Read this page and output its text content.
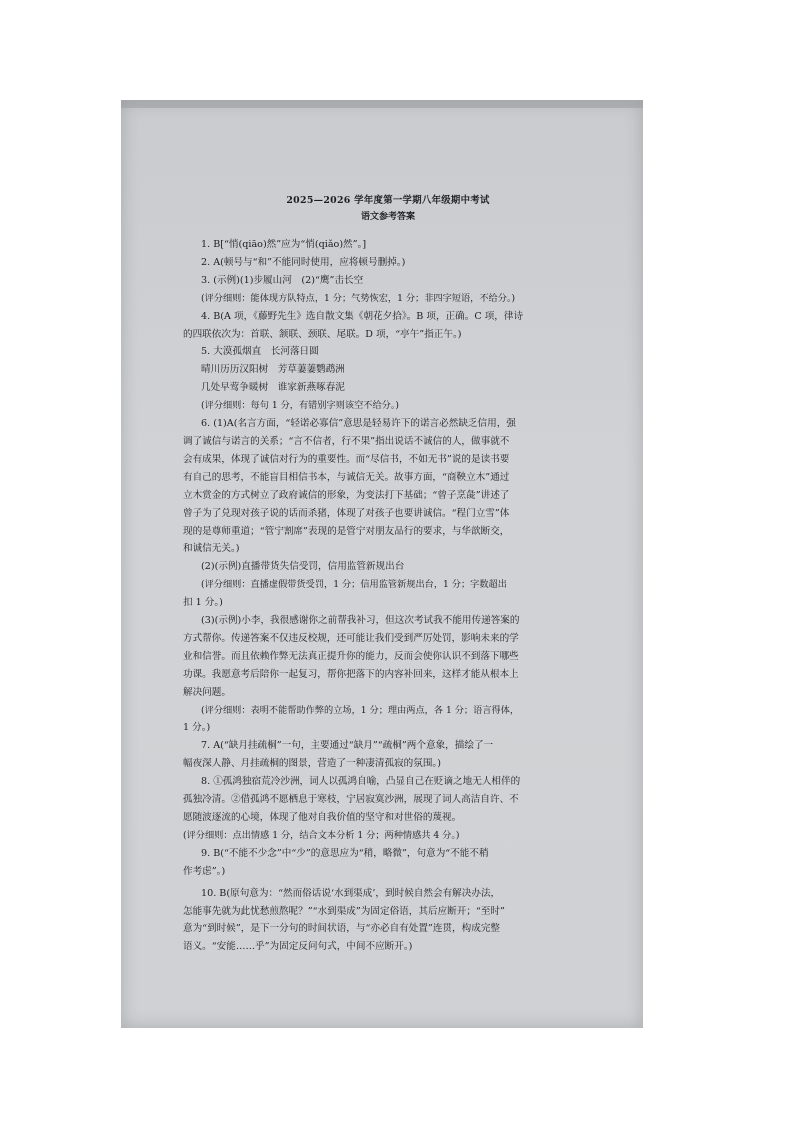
2025—2026 学年度第一学期八年级期中考试
语文参考答案
1. B[“悄(qiāo)然”应为“悄(qiǎo)然”。]
2. A(顿号与“和”不能同时使用，应将顿号删掉。)
3. (示例)(1)步履山河　(2)“鹰”击长空
(评分细则：能体现方队特点，1 分；气势恢宏，1 分；非四字短语，不给分。)
4. B(A 项，《藤野先生》选自散文集《朝花夕拾》。B 项，正确。C 项，律诗
的四联依次为：首联、颔联、颈联、尾联。D 项，“亭午”指正午。)
5. 大漠孤烟直　长河落日圆
晴川历历汉阳树　芳草萋萋鹦鹉洲
几处早莺争暖树　谁家新燕啄春泥
(评分细则：每句 1 分，有错别字则该空不给分。)
6. (1)A(名言方面，“轻诺必寡信”意思是轻易许下的诺言必然缺乏信用，强
调了诚信与诺言的关系；“言不信者，行不果”指出说话不诚信的人，做事就不
会有成果，体现了诚信对行为的重要性。而“尽信书，不如无书”说的是读书要
有自己的思考，不能盲目相信书本，与诚信无关。故事方面，“商鞅立木”通过
立木赏金的方式树立了政府诚信的形象，为变法打下基础；“曾子烹彘”讲述了
曾子为了兑现对孩子说的话而杀猪，体现了对孩子也要讲诚信。“程门立雪”体
现的是尊师重道；“管宁割席”表现的是管宁对朋友品行的要求，与华歆断交，
和诚信无关。)
(2)(示例)直播带货失信受罚，信用监管新规出台
(评分细则：直播虚假带货受罚，1 分；信用监管新规出台，1 分；字数超出
扣 1 分。)
(3)(示例)小李，我很感谢你之前帮我补习，但这次考试我不能用传递答案的
方式帮你。传递答案不仅违反校规，还可能让我们受到严厉处罚，影响未来的学
业和信誉。而且依赖作弊无法真正提升你的能力，反而会使你认识不到落下哪些
功课。我愿意考后陪你一起复习，帮你把落下的内容补回来，这样才能从根本上
解决问题。
(评分细则：表明不能帮助作弊的立场，1 分；理由两点，各 1 分；语言得体，
1 分。)
7. A(“缺月挂疏桐”一句，主要通过“缺月”“疏桐”两个意象，描绘了一
幅夜深人静、月挂疏桐的图景，营造了一种凄清孤寂的氛围。)
8. ①孤鸿独宿荒冷沙洲，词人以孤鸿自喻，凸显自己在贬谪之地无人相伴的
孤独冷清。②借孤鸿不愿栖息于寒枝，宁居寂寞沙洲，展现了词人高洁自许、不
愿随波逐流的心境，体现了他对自我价值的坚守和对世俗的蔑视。
(评分细则：点出情感 1 分，结合文本分析 1 分；两种情感共 4 分。)
9. B(“不能不少念”中“少”的意思应为“稍，略微”，句意为“不能不稍
作考虑”。)
10. B(原句意为：“然而俗话说‘水到渠成’，到时候自然会有解决办法，
怎能事先就为此忧愁煎熬呢？”“水到渠成”为固定俗语，其后应断开；“至时”
意为“到时候”，是下一分句的时间状语，与“亦必自有处置”连贯，构成完整
语义。“安能……乎”为固定反问句式，中间不应断开。)
